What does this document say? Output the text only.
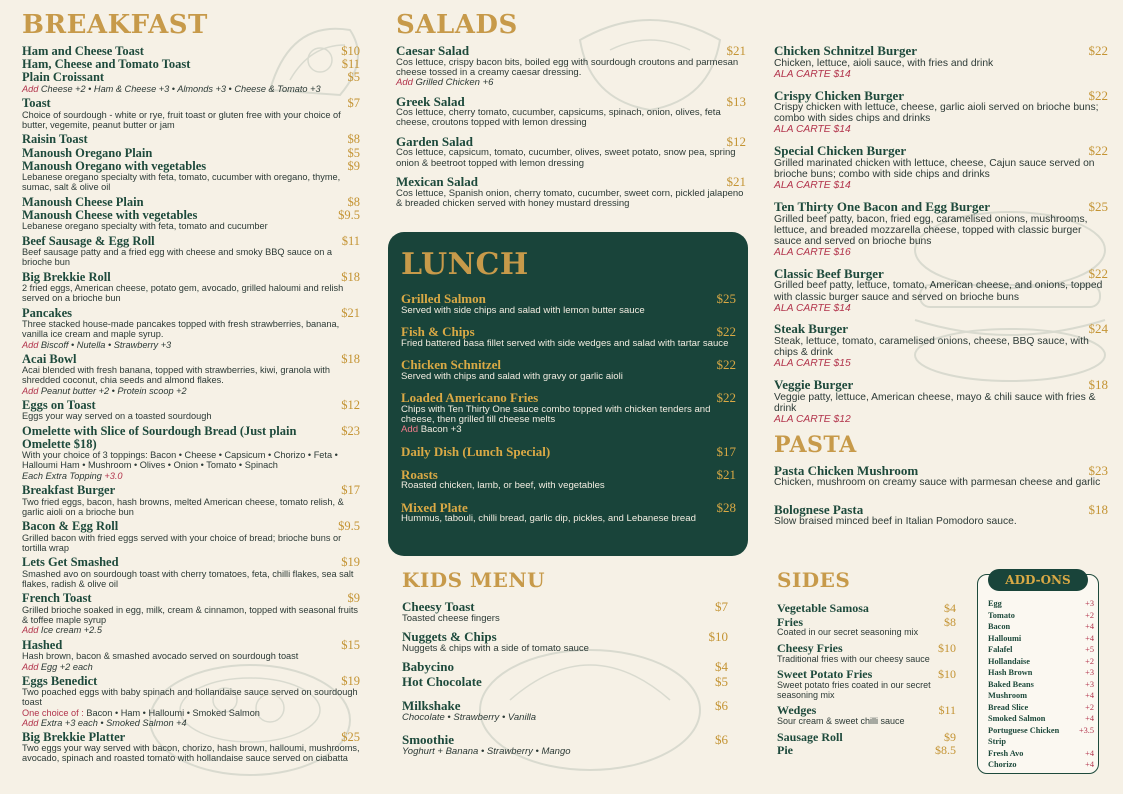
BREAKFAST
Ham and Cheese Toast	$10
Ham, Cheese and Tomato Toast	$11
Plain Croissant	$5
Add Cheese +2 • Ham & Cheese +3 • Almonds +3 • Cheese & Tomato +3
Toast	$7
Choice of sourdough - white or rye, fruit toast or gluten free with your choice of butter, vegemite, peanut butter or jam
Raisin Toast	$8
Manoush Oregano Plain	$5
Manoush Oregano with vegetables	$9
Lebanese oregano specialty with feta, tomato, cucumber with oregano, thyme, sumac, salt & olive oil
Manoush Cheese Plain	$8
Manoush Cheese with vegetables	$9.5
Lebanese oregano specialty with feta, tomato and cucumber
Beef Sausage & Egg Roll	$11
Beef sausage patty and a fried egg with cheese and smoky BBQ sauce on a brioche bun
Big Brekkie Roll	$18
2 fried eggs, American cheese, potato gem, avocado, grilled haloumi and relish served on a brioche bun
Pancakes	$21
Three stacked house-made pancakes topped with fresh strawberries, banana, vanilla ice cream and maple syrup.
Add Biscoff • Nutella • Strawberry +3
Acai Bowl	$18
Acai blended with fresh banana, topped with strawberries, kiwi, granola with shredded coconut, chia seeds and almond flakes.
Add Peanut butter +2 • Protein scoop +2
Eggs on Toast	$12
Eggs your way served on a toasted sourdough
Omelette with Slice of Sourdough Bread (Just plain Omelette $18)
$23
With your choice of 3 toppings: Bacon • Cheese • Capsicum • Chorizo • Feta • Halloumi Ham • Mushroom • Olives • Onion • Tomato • Spinach
Each Extra Topping +3.0
Breakfast Burger	$17
Two fried eggs, bacon, hash browns, melted American cheese, tomato relish, & garlic aioli on a brioche bun
Bacon & Egg Roll	$9.5
Grilled bacon with fried eggs served with your choice of bread; brioche buns or tortilla wrap
Lets Get Smashed	$19
Smashed avo on sourdough toast with cherry tomatoes, feta, chilli flakes, sea salt flakes, radish & olive oil
French Toast	$9
Grilled brioche soaked in egg, milk, cream & cinnamon, topped with seasonal fruits & toffee maple syrup
Add Ice cream +2.5
Hashed	$15
Hash brown, bacon & smashed avocado served on sourdough toast
Add Egg +2 each
Eggs Benedict	$19
Two poached eggs with baby spinach and hollandaise sauce served on sourdough toast
One choice of : Bacon • Ham • Halloumi • Smoked Salmon
Add Extra +3 each • Smoked Salmon +4
Big Brekkie Platter	$25
Two eggs your way served with bacon, chorizo, hash brown, halloumi, mushrooms, avocado, spinach and roasted tomato with hollandaise sauce served on ciabatta
SALADS
Caesar Salad	$21
Cos lettuce, crispy bacon bits, boiled egg with sourdough croutons and parmesan cheese tossed in a creamy caesar dressing.
Add Grilled Chicken +6
Greek Salad	$13
Cos lettuce, cherry tomato, cucumber, capsicums, spinach, onion, olives, feta cheese, croutons topped with lemon dressing
Garden Salad	$12
Cos lettuce, capsicum, tomato, cucumber, olives, sweet potato, snow pea, spring onion & beetroot topped with lemon dressing
Mexican Salad	$21
Cos lettuce, Spanish onion, cherry tomato, cucumber, sweet corn, pickled jalapeno & breaded chicken served with honey mustard dressing
LUNCH
Grilled Salmon	$25
Served with side chips and salad with lemon butter sauce
Fish & Chips	$22
Fried battered basa fillet served with side wedges and salad with tartar sauce
Chicken Schnitzel	$22
Served with chips and salad with gravy or garlic aioli
Loaded Americano Fries	$22
Chips with Ten Thirty One sauce combo topped with chicken tenders and cheese, then grilled till cheese melts
Add Bacon +3
Daily Dish (Lunch Special)	$17
Roasts	$21
Roasted chicken, lamb, or beef, with vegetables
Mixed Plate	$28
Hummus, tabouli, chilli bread, garlic dip, pickles, and Lebanese bread
KIDS MENU
Cheesy Toast	$7
Toasted cheese fingers
Nuggets & Chips	$10
Nuggets & chips with a side of tomato sauce
Babycino	$4
Hot Chocolate	$5
Milkshake	$6
Chocolate • Strawberry • Vanilla
Smoothie	$6
Yoghurt + Banana • Strawberry • Mango
Chicken Schnitzel Burger	$22
Chicken, lettuce, aioli sauce, with fries and drink
ALA CARTE $14
Crispy Chicken Burger	$22
Crispy chicken with lettuce, cheese, garlic aioli served on brioche buns; combo with sides chips and drinks
ALA CARTE $14
Special Chicken Burger	$22
Grilled marinated chicken with lettuce, cheese, Cajun sauce served on brioche buns; combo with side chips and drinks
ALA CARTE $14
Ten Thirty One Bacon and Egg Burger	$25
Grilled beef patty, bacon, fried egg, caramelised onions, mushrooms, lettuce, and breaded mozzarella cheese, topped with classic burger sauce and served on brioche buns
ALA CARTE $16
Classic Beef Burger	$22
Grilled beef patty, lettuce, tomato, American cheese, and onions, topped with classic burger sauce and served on brioche buns
ALA CARTE $14
Steak Burger	$24
Steak, lettuce, tomato, caramelised onions, cheese, BBQ sauce, with chips & drink
ALA CARTE $15
Veggie Burger	$18
Veggie patty, lettuce, American cheese, mayo & chili sauce with fries & drink
ALA CARTE $12
PASTA
Pasta Chicken Mushroom	$23
Chicken, mushroom on creamy sauce with parmesan cheese and garlic
Bolognese Pasta	$18
Slow braised minced beef in Italian Pomodoro sauce.
SIDES
Vegetable Samosa	$4
Fries	$8
Coated in our secret seasoning mix
Cheesy Fries	$10
Traditional fries with our cheesy sauce
Sweet Potato Fries	$10
Sweet potato fries coated in our secret seasoning mix
Wedges	$11
Sour cream & sweet chilli sauce
Sausage Roll	$9
Pie	$8.5
ADD-ONS
Egg	+3
Tomato	+2
Bacon	+4
Halloumi	+4
Falafel	+5
Hollandaise	+2
Hash Brown	+3
Baked Beans	+3
Mushroom	+4
Bread Slice	+2
Smoked Salmon	+4
Portuguese Chicken Strip
+3.5
Fresh Avo	+4
Chorizo	+4
